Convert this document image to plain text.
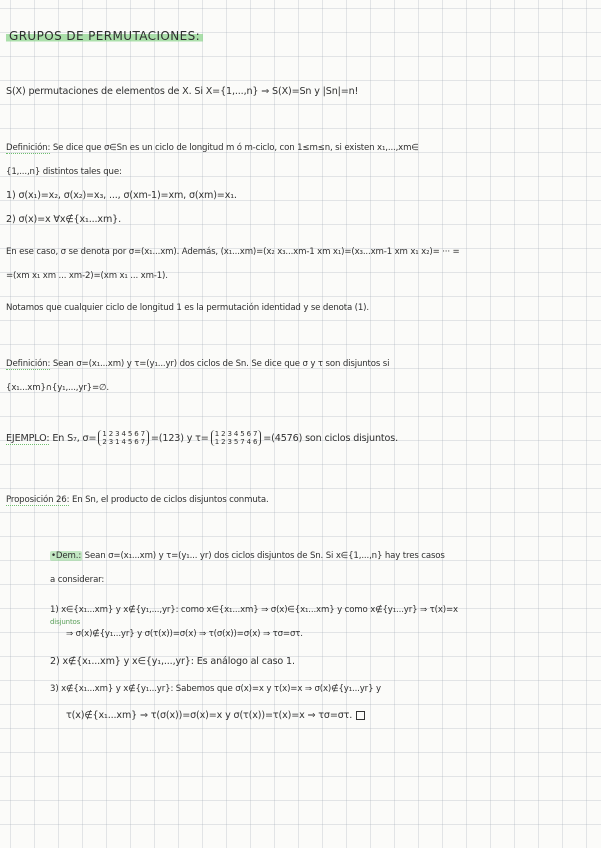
GRUPOS DE PERMUTACIONES:
S(X) permutaciones de elementos de X. Si X={1,...,n} ⇒ S(X)=Sn y |Sn|=n!
Definición: Se dice que σ∈Sn es un ciclo de longitud m ó m-ciclo, con 1≤m≤n, si existen x₁,...,xm∈
{1,...,n} distintos tales que:
1) σ(x₁)=x₂, σ(x₂)=x₃, ..., σ(xm-1)=xm, σ(xm)=x₁.
2) σ(x)=x ∀x∉{x₁...xm}.
En ese caso, σ se denota por σ=(x₁...xm). Además, (x₁...xm)=(x₂ x₃...xm-1 xm x₁)=(x₃...xm-1 xm x₁ x₂)= ··· =
=(xm x₁ xm ... xm-2)=(xm x₁ ... xm-1).
Notamos que cualquier ciclo de longitud 1 es la permutación identidad y se denota (1).
Definición: Sean σ=(x₁...xm) y τ=(y₁...yr) dos ciclos de Sn. Se dice que σ y τ son disjuntos si
{x₁...xm}∩{y₁,...,yr}=∅.
EJEMPLO: En S₇, σ= 1 2 3 4 5 6 7
2 3 1 4 5 6 7 =(123) y τ= 1 2 3 4 5 6 7
1 2 3 5 7 4 6 =(4576) son ciclos disjuntos.
Proposición 26: En Sn, el producto de ciclos disjuntos conmuta.
•Dem.: Sean σ=(x₁...xm) y τ=(y₁... yr) dos ciclos disjuntos de Sn. Si x∈{1,...,n} hay tres casos
a considerar:
1) x∈{x₁...xm} y x∉{y₁,...,yr}: como x∈{x₁...xm} ⇒ σ(x)∈{x₁...xm} y como x∉{y₁...yr} ⇒ τ(x)=x
disjuntos
⇒ σ(x)∉{y₁...yr} y σ(τ(x))=σ(x) ⇒ τ(σ(x))=σ(x) ⇒ τσ=στ.
2) x∉{x₁...xm} y x∈{y₁,...,yr}: Es análogo al caso 1.
3) x∉{x₁...xm} y x∉{y₁...yr}: Sabemos que σ(x)=x y τ(x)=x ⇒ σ(x)∉{y₁...yr} y
τ(x)∉{x₁...xm} ⇒ τ(σ(x))=σ(x)=x y σ(τ(x))=τ(x)=x ⇒ τσ=στ.
